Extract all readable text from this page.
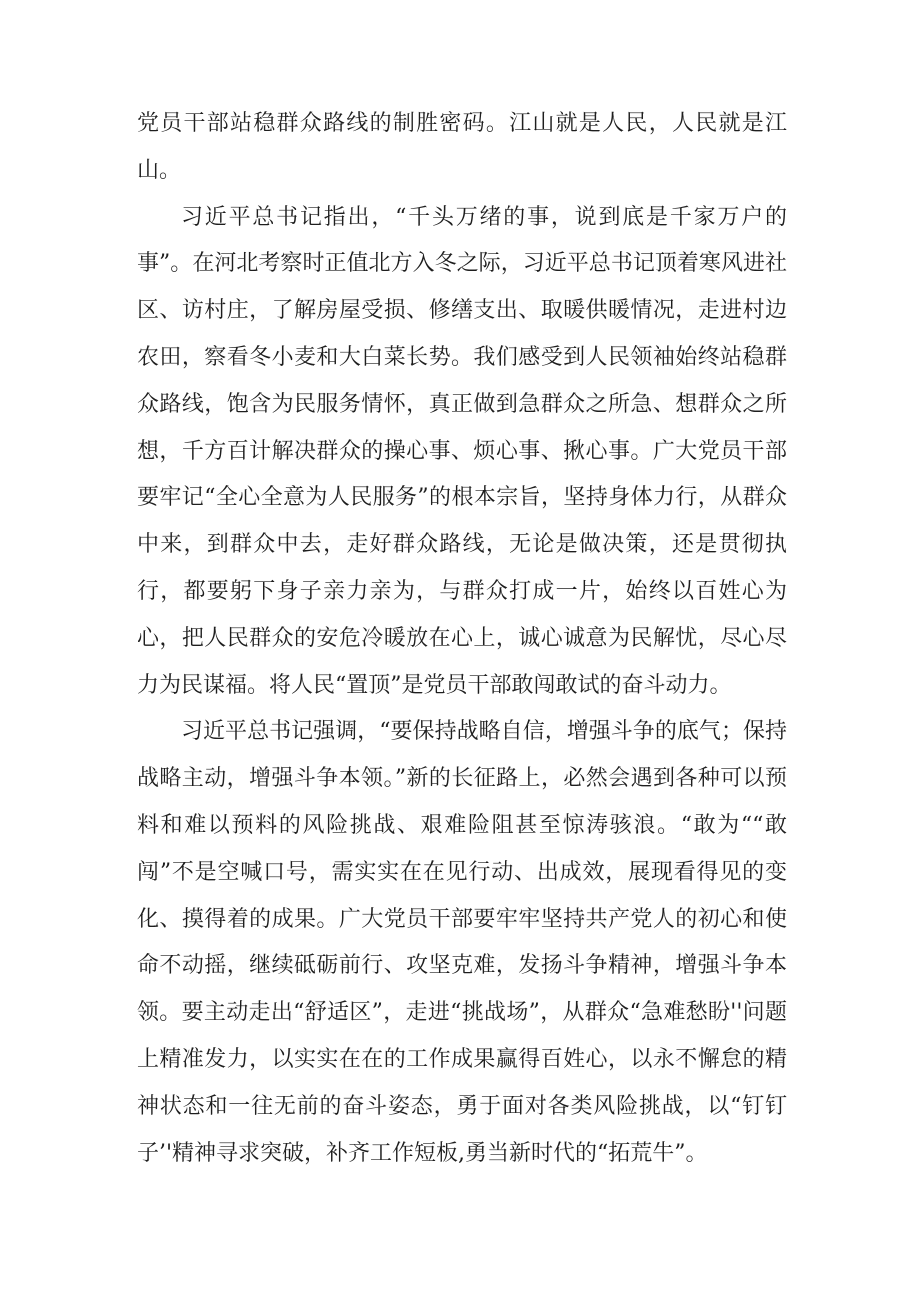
党员干部站稳群众路线的制胜密码。江山就是人民，人民就是江山。

习近平总书记指出，“千头万绪的事，说到底是千家万户的事”。在河北考察时正值北方入冬之际，习近平总书记顶着寒风进社区、访村庄，了解房屋受损、修缮支出、取暖供暖情况，走进村边农田，察看冬小麦和大白菜长势。我们感受到人民领袖始终站稳群众路线，饱含为民服务情怀，真正做到急群众之所急、想群众之所想，千方百计解决群众的操心事、烦心事、揪心事。广大党员干部要牢记“全心全意为人民服务”的根本宗旨，坚持身体力行，从群众中来，到群众中去，走好群众路线，无论是做决策，还是贯彻执行，都要躬下身子亲力亲为，与群众打成一片，始终以百姓心为心，把人民群众的安危冷暖放在心上，诚心诚意为民解忧，尽心尽力为民谋福。将人民“置顶”是党员干部敢闯敢试的奋斗动力。

习近平总书记强调，“要保持战略自信，增强斗争的底气；保持战略主动，增强斗争本领。”新的长征路上，必然会遇到各种可以预料和难以预料的风险挑战、艰难险阻甚至惊涛骇浪。“敢为““敢闯”不是空喊口号，需实实在在见行动、出成效，展现看得见的变化、摸得着的成果。广大党员干部要牢牢坚持共产党人的初心和使命不动摇，继续砥砺前行、攻坚克难，发扬斗争精神，增强斗争本领。要主动走出“舒适区”，走进“挑战场”，从群众“急难愁盼''问题上精准发力，以实实在在的工作成果赢得百姓心，以永不懈怠的精神状态和一往无前的奋斗姿态，勇于面对各类风险挑战，以“钉钉子’'精神寻求突破，补齐工作短板,勇当新时代的“拓荒牛”。
